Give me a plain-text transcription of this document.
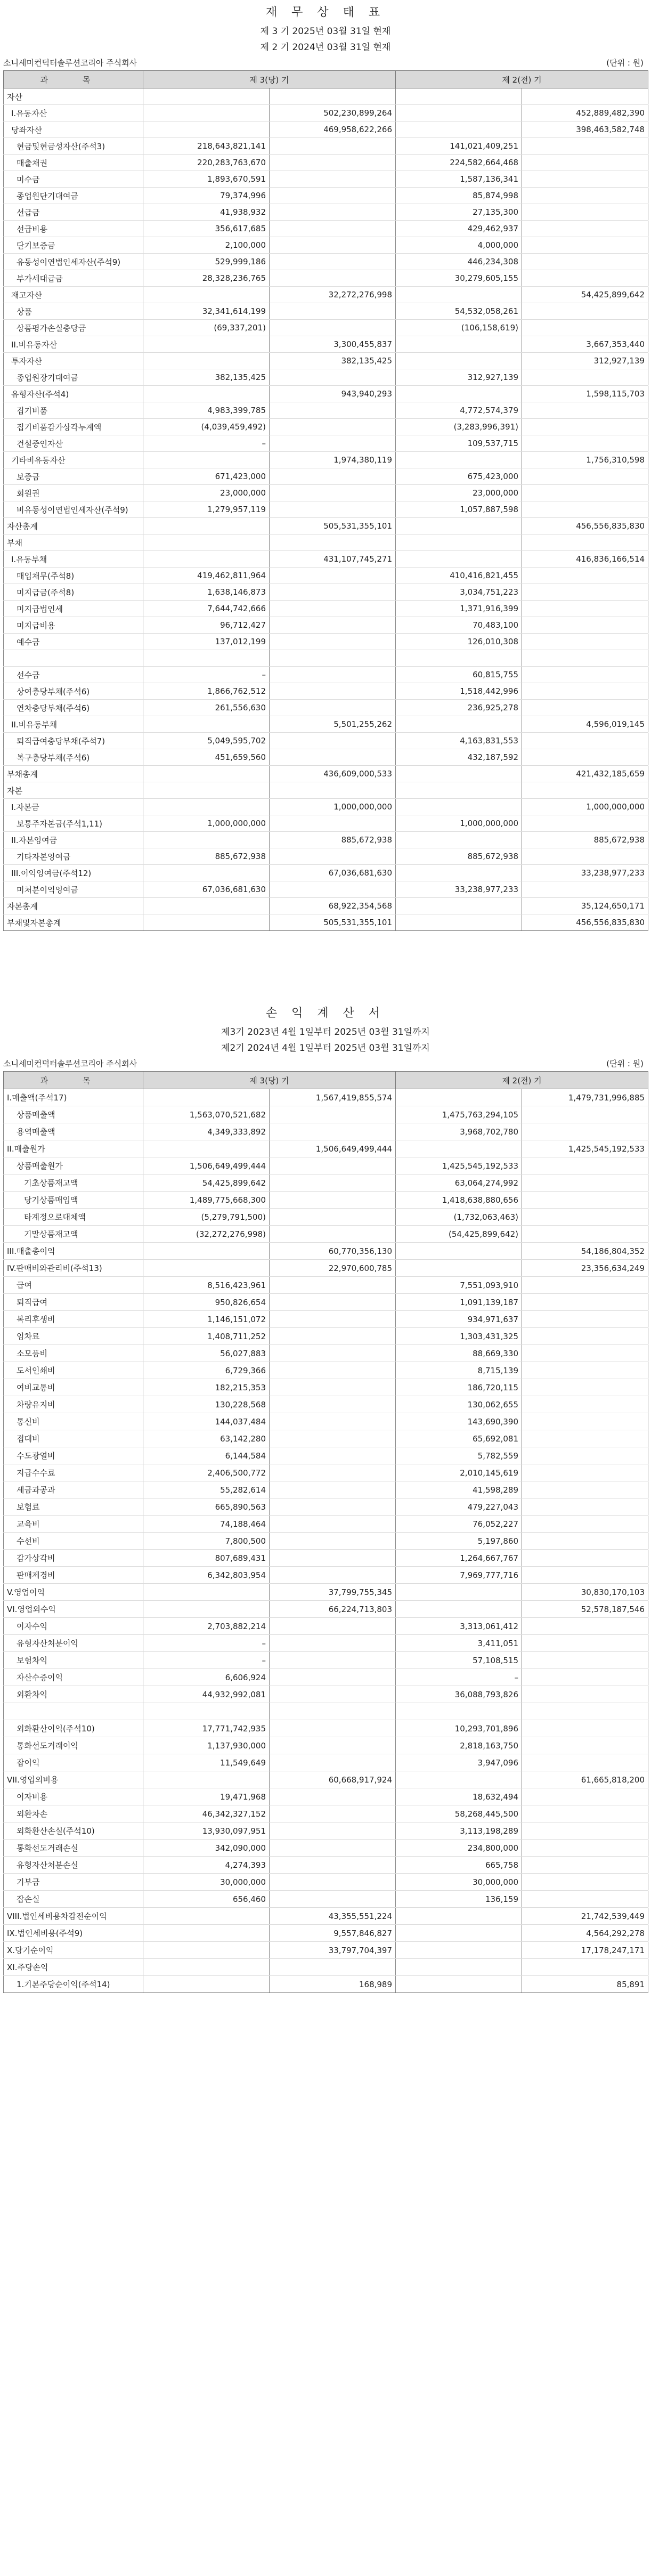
재 무 상 태 표
제 3 기 2025년 03월 31일 현재
제 2 기 2024년 03월 31일 현재
소니세미컨덕터솔루션코리아 주식회사	(단위 : 원)
과 목	제 3(당) 기		제 2(전) 기	
자산				
I.유동자산		502,230,899,264		452,889,482,390
당좌자산		469,958,622,266		398,463,582,748
현금및현금성자산(주석3)	218,643,821,141		141,021,409,251	
매출채권	220,283,763,670		224,582,664,468	
미수금	1,893,670,591		1,587,136,341	
종업원단기대여금	79,374,996		85,874,998	
선급금	41,938,932		27,135,300	
선급비용	356,617,685		429,462,937	
단기보증금	2,100,000		4,000,000	
유동성이연법인세자산(주석9)	529,999,186		446,234,308	
부가세대급금	28,328,236,765		30,279,605,155	
재고자산		32,272,276,998		54,425,899,642
상품	32,341,614,199		54,532,058,261	
상품평가손실충당금	(69,337,201)		(106,158,619)	
II.비유동자산		3,300,455,837		3,667,353,440
투자자산		382,135,425		312,927,139
종업원장기대여금	382,135,425		312,927,139	
유형자산(주석4)		943,940,293		1,598,115,703
집기비품	4,983,399,785		4,772,574,379	
집기비품감가상각누계액	(4,039,459,492)		(3,283,996,391)	
건설중인자산	–		109,537,715	
기타비유동자산		1,974,380,119		1,756,310,598
보증금	671,423,000		675,423,000	
회원권	23,000,000		23,000,000	
비유동성이연법인세자산(주석9)	1,279,957,119		1,057,887,598	
자산총계		505,531,355,101		456,556,835,830
부채				
I.유동부채		431,107,745,271		416,836,166,514
매입채무(주석8)	419,462,811,964		410,416,821,455	
미지급금(주석8)	1,638,146,873		3,034,751,223	
미지급법인세	7,644,742,666		1,371,916,399	
미지급비용	96,712,427		70,483,100	
예수금	137,012,199		126,010,308	

선수금	–		60,815,755	
상여충당부채(주석6)	1,866,762,512		1,518,442,996	
연차충당부채(주석6)	261,556,630		236,925,278	
II.비유동부채		5,501,255,262		4,596,019,145
퇴직급여충당부채(주석7)	5,049,595,702		4,163,831,553	
복구충당부채(주석6)	451,659,560		432,187,592	
부채총계		436,609,000,533		421,432,185,659
자본				
I.자본금		1,000,000,000		1,000,000,000
보통주자본금(주석1,11)	1,000,000,000		1,000,000,000	
II.자본잉여금		885,672,938		885,672,938
기타자본잉여금	885,672,938		885,672,938	
III.이익잉여금(주석12)		67,036,681,630		33,238,977,233
미처분이익잉여금	67,036,681,630		33,238,977,233	
자본총계		68,922,354,568		35,124,650,171
부채및자본총계		505,531,355,101		456,556,835,830
손 익 계 산 서
제3기 2023년 4월 1일부터 2025년 03월 31일까지
제2기 2024년 4월 1일부터 2025년 03월 31일까지
소니세미컨덕터솔루션코리아 주식회사	(단위 : 원)
과 목	제 3(당) 기		제 2(전) 기	
I.매출액(주석17)		1,567,419,855,574		1,479,731,996,885
상품매출액	1,563,070,521,682		1,475,763,294,105	
용역매출액	4,349,333,892		3,968,702,780	
II.매출원가		1,506,649,499,444		1,425,545,192,533
상품매출원가	1,506,649,499,444		1,425,545,192,533	
기초상품재고액	54,425,899,642		63,064,274,992	
당기상품매입액	1,489,775,668,300		1,418,638,880,656	
타계정으로대체액	(5,279,791,500)		(1,732,063,463)	
기말상품재고액	(32,272,276,998)		(54,425,899,642)	
III.매출총이익		60,770,356,130		54,186,804,352
IV.판매비와관리비(주석13)		22,970,600,785		23,356,634,249
급여	8,516,423,961		7,551,093,910	
퇴직급여	950,826,654		1,091,139,187	
복리후생비	1,146,151,072		934,971,637	
임차료	1,408,711,252		1,303,431,325	
소모품비	56,027,883		88,669,330	
도서인쇄비	6,729,366		8,715,139	
여비교통비	182,215,353		186,720,115	
차량유지비	130,228,568		130,062,655	
통신비	144,037,484		143,690,390	
접대비	63,142,280		65,692,081	
수도광열비	6,144,584		5,782,559	
지급수수료	2,406,500,772		2,010,145,619	
세금과공과	55,282,614		41,598,289	
보험료	665,890,563		479,227,043	
교육비	74,188,464		76,052,227	
수선비	7,800,500		5,197,860	
감가상각비	807,689,431		1,264,667,767	
판매제경비	6,342,803,954		7,969,777,716	
V.영업이익		37,799,755,345		30,830,170,103
VI.영업외수익		66,224,713,803		52,578,187,546
이자수익	2,703,882,214		3,313,061,412	
유형자산처분이익	–		3,411,051	
보험차익	–		57,108,515	
자산수증이익	6,606,924		–	
외환차익	44,932,992,081		36,088,793,826	

외화환산이익(주석10)	17,771,742,935		10,293,701,896	
통화선도거래이익	1,137,930,000		2,818,163,750	
잡이익	11,549,649		3,947,096	
VII.영업외비용		60,668,917,924		61,665,818,200
이자비용	19,471,968		18,632,494	
외환차손	46,342,327,152		58,268,445,500	
외화환산손실(주석10)	13,930,097,951		3,113,198,289	
통화선도거래손실	342,090,000		234,800,000	
유형자산처분손실	4,274,393		665,758	
기부금	30,000,000		30,000,000	
잡손실	656,460		136,159	
VIII.법인세비용차감전순이익		43,355,551,224		21,742,539,449
IX.법인세비용(주석9)		9,557,846,827		4,564,292,278
X.당기순이익		33,797,704,397		17,178,247,171
XI.주당손익				
1.기본주당순이익(주석14)		168,989		85,891
